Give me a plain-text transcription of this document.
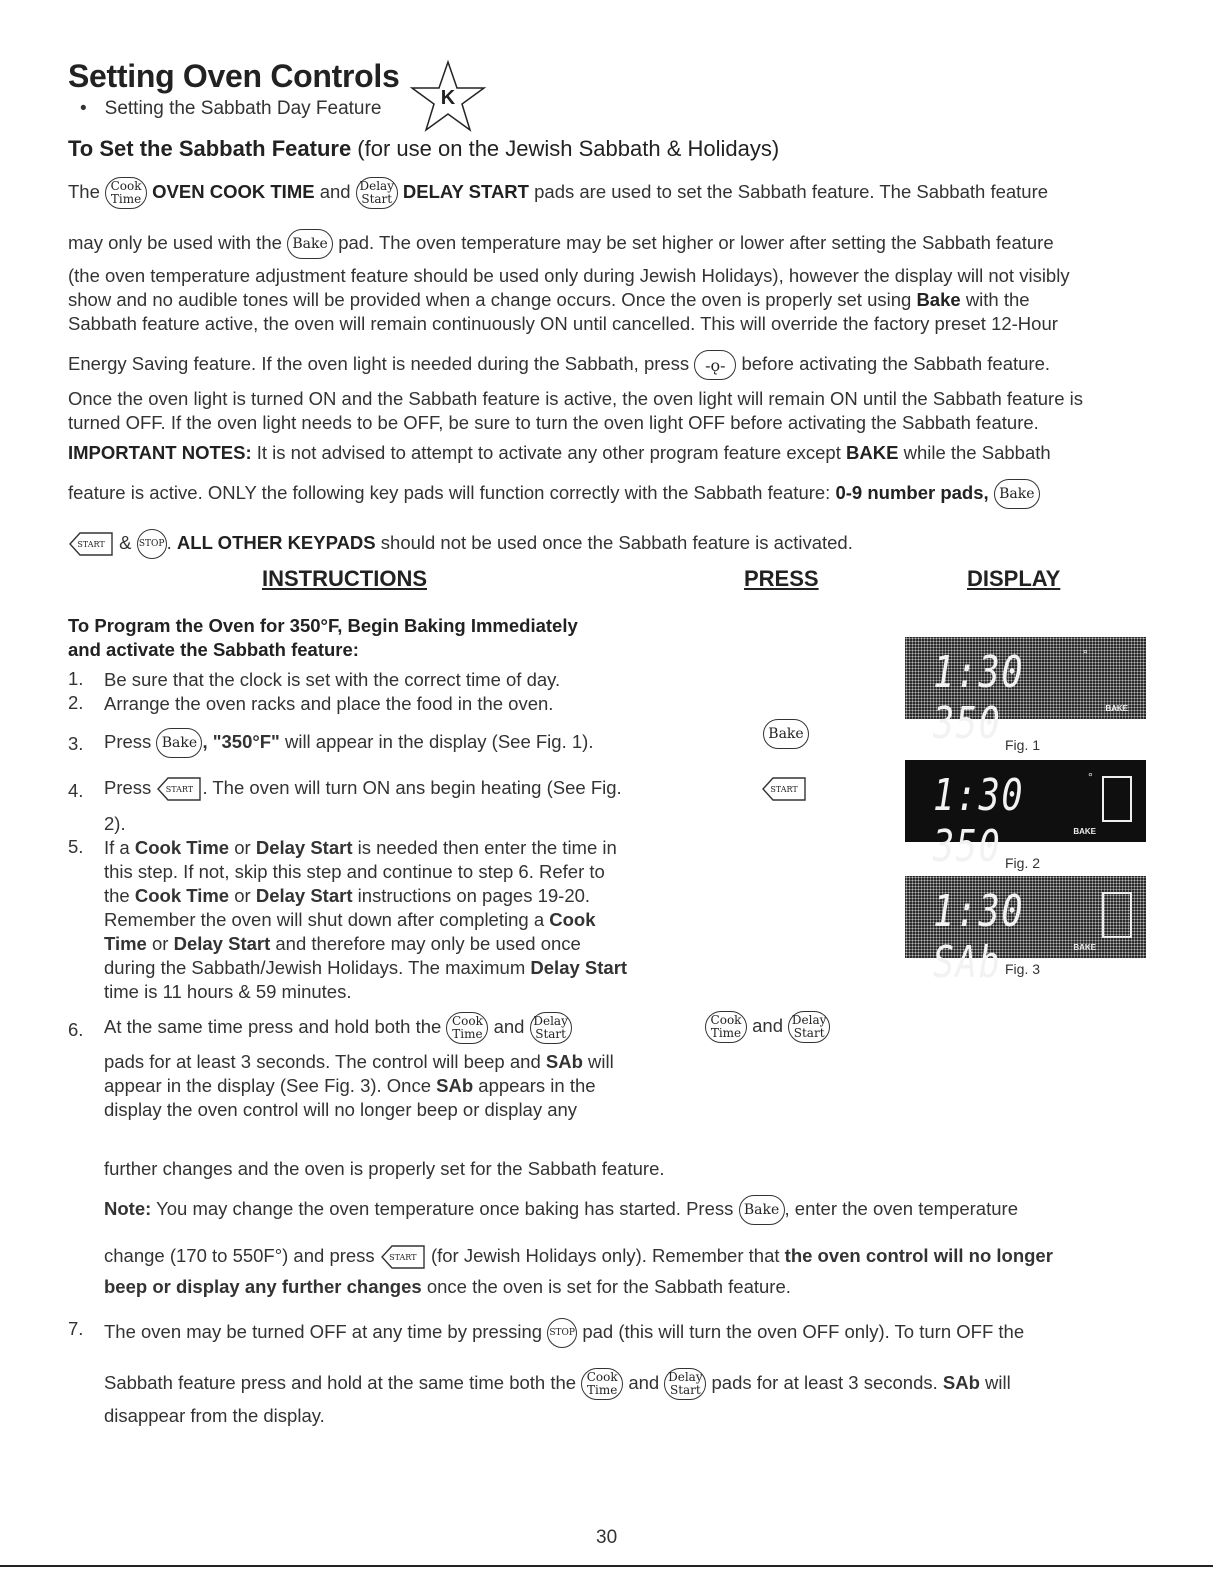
Setting Oven Controls
• Setting the Sabbath Day Feature	K
To Set the Sabbath Feature (for use on the Jewish Sabbath & Holidays)
The Cook
Time OVEN COOK TIME and Delay
Start DELAY START pads are used to set the Sabbath feature. The Sabbath feature
may only be used with the Bake pad. The oven temperature may be set higher or lower after setting the Sabbath feature
(the oven temperature adjustment feature should be used only during Jewish Holidays), however the display will not visibly
show and no audible tones will be provided when a change occurs. Once the oven is properly set using Bake with the
Sabbath feature active, the oven will remain continuously ON until cancelled. This will override the factory preset 12-Hour
Energy Saving feature. If the oven light is needed during the Sabbath, press -ǫ- before activating the Sabbath feature.
Once the oven light is turned ON and the Sabbath feature is active, the oven light will remain ON until the Sabbath feature is
turned OFF. If the oven light needs to be OFF, be sure to turn the oven light OFF before activating the Sabbath feature.
IMPORTANT NOTES: It is not advised to attempt to activate any other program feature except BAKE while the Sabbath
feature is active. ONLY the following key pads will function correctly with the Sabbath feature: 0-9 number pads, Bake
START & STOP . ALL OTHER KEYPADS should not be used once the Sabbath feature is activated.
INSTRUCTIONS	PRESS	DISPLAY
To Program the Oven for 350°F, Begin Baking Immediately
and activate the Sabbath feature:
1. Be sure that the clock is set with the correct time of day.
2. Arrange the oven racks and place the food in the oven.
3. Press Bake , "350°F" will appear in the display (See Fig. 1).
4. Press START . The oven will turn ON ans begin heating (See Fig.
2).
5. If a Cook Time or Delay Start is needed then enter the time in
this step. If not, skip this step and continue to step 6. Refer to
the Cook Time or Delay Start instructions on pages 19-20.
Remember the oven will shut down after completing a Cook
Time or Delay Start and therefore may only be used once
during the Sabbath/Jewish Holidays. The maximum Delay Start
time is 11 hours & 59 minutes.
6. At the same time press and hold both the Cook
Time and Delay
Start
pads for at least 3 seconds. The control will beep and SAb will
appear in the display (See Fig. 3). Once SAb appears in the
display the oven control will no longer beep or display any
further changes and the oven is properly set for the Sabbath feature.
Note: You may change the oven temperature once baking has started. Press Bake , enter the oven temperature
change (170 to 550F°) and press START (for Jewish Holidays only). Remember that the oven control will no longer
beep or display any further changes once the oven is set for the Sabbath feature.
7. The oven may be turned OFF at any time by pressing STOP pad (this will turn the oven OFF only). To turn OFF the
Sabbath feature press and hold at the same time both the Cook
Time and Delay
Start pads for at least 3 seconds. SAb will
disappear from the display.
Bake
START
Cook
Time and Delay
Start
1:30 350
°
BAKE
Fig. 1
1:30 350
°
BAKE
Fig. 2
1:30 SAb	BAKE
Fig. 3
30
